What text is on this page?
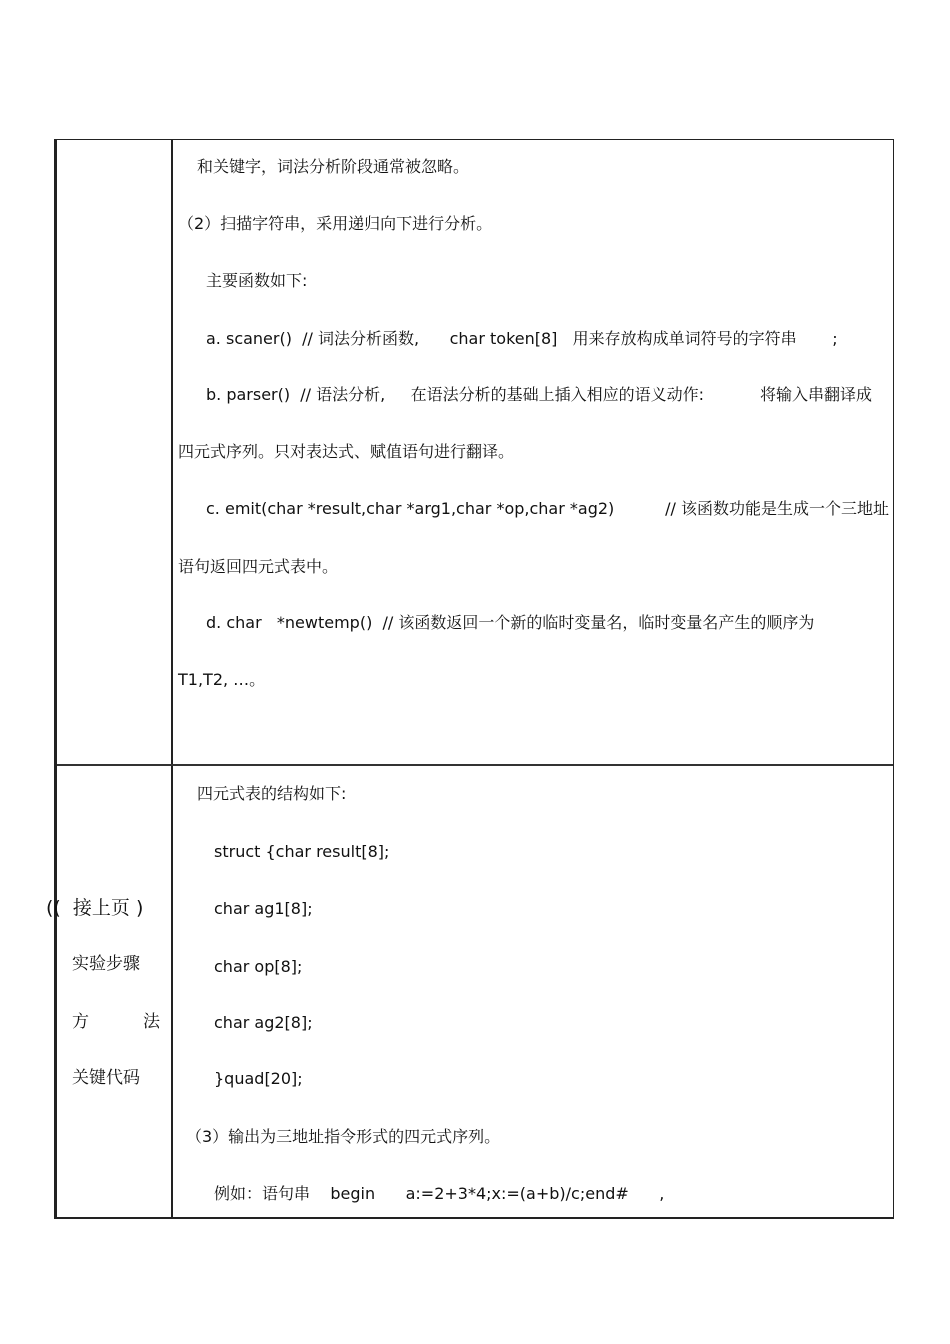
和关键字，词法分析阶段通常被忽略。
（2）扫描字符串，采用递归向下进行分析。
主要函数如下:
a. scaner()  // 词法分析函数,      char token[8]   用来存放构成单词符号的字符串       ;
b. parser()  // 语法分析,     在语法分析的基础上插入相应的语义动作:           将输入串翻译成
四元式序列。只对表达式、赋值语句进行翻译。
c. emit(char *result,char *arg1,char *op,char *ag2)          // 该函数功能是生成一个三地址
语句返回四元式表中。
d. char   *newtemp()  // 该函数返回一个新的临时变量名，临时变量名产生的顺序为
T1,T2, …。
((  接上页 )
实验步骤
方          法
关键代码
四元式表的结构如下:
struct {char result[8];
char ag1[8];
char op[8];
char ag2[8];
}quad[20];
（3）输出为三地址指令形式的四元式序列。
例如：语句串    begin      a:=2+3*4;x:=(a+b)/c;end#      ,
